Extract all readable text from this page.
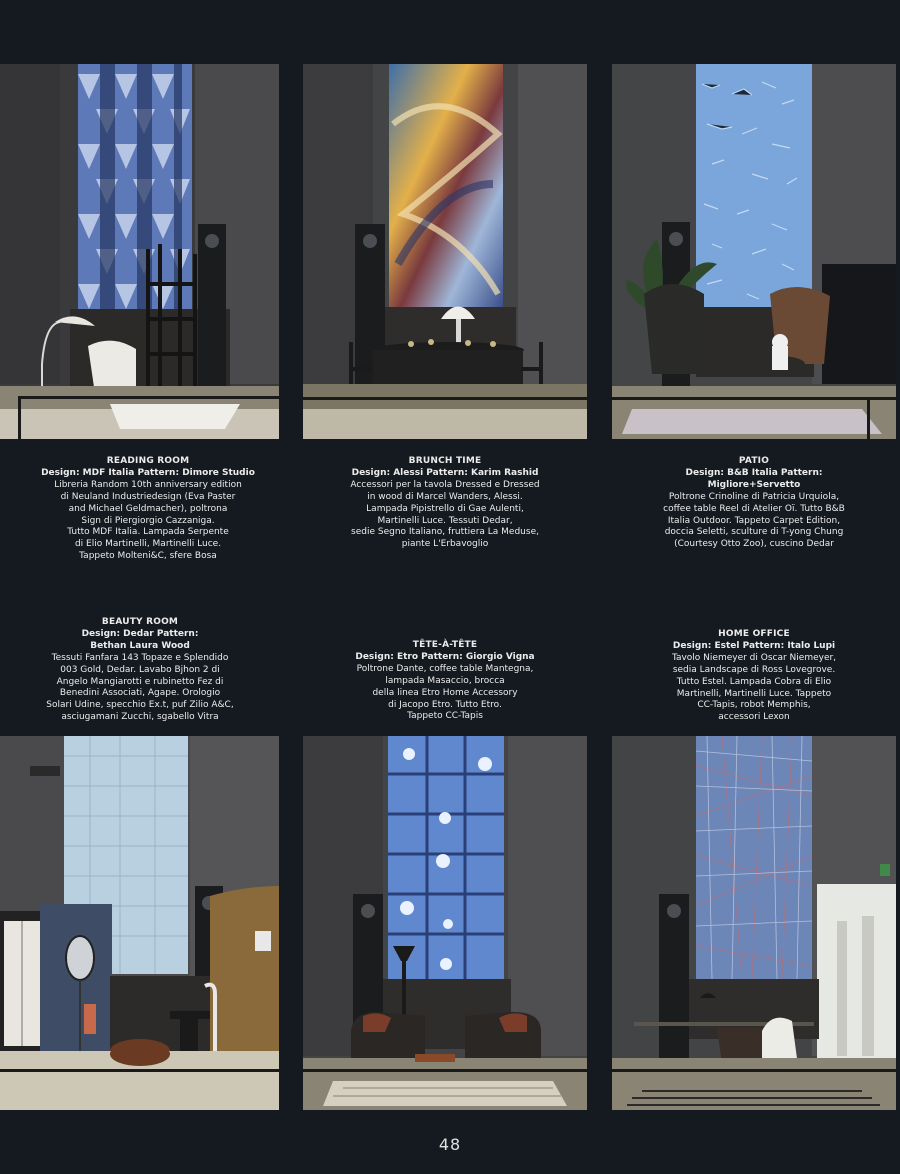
READING ROOM
Design: MDF Italia Pattern: Dimore Studio
Libreria Random 10th anniversary edition
di Neuland Industriedesign (Eva Paster
and Michael Geldmacher), poltrona
Sign di Piergiorgio Cazzaniga.
Tutto MDF Italia. Lampada Serpente
di Elio Martinelli, Martinelli Luce.
Tappeto Molteni&C, sfere Bosa
BRUNCH TIME
Design: Alessi Pattern: Karim Rashid
Accessori per la tavola Dressed e Dressed
in wood di Marcel Wanders, Alessi.
Lampada Pipistrello di Gae Aulenti,
Martinelli Luce. Tessuti Dedar,
sedie Segno Italiano, fruttiera La Meduse,
piante L'Erbavoglio
PATIO
Design: B&B Italia Pattern:
Migliore+Servetto
Poltrone Crinoline di Patricia Urquiola,
coffee table Reel di Atelier Oï. Tutto B&B
Italia Outdoor. Tappeto Carpet Edition,
doccia Seletti, sculture di T-yong Chung
(Courtesy Otto Zoo), cuscino Dedar
BEAUTY ROOM
Design: Dedar Pattern:
Bethan Laura Wood
Tessuti Fanfara 143 Topaze e Splendido
003 Gold, Dedar. Lavabo Bjhon 2 di
Angelo Mangiarotti e rubinetto Fez di
Benedini Associati, Agape. Orologio
Solari Udine, specchio Ex.t, puf Zilio A&C,
asciugamani Zucchi, sgabello Vitra
TÊTE-À-TÊTE
Design: Etro Pattern: Giorgio Vigna
Poltrone Dante, coffee table Mantegna,
lampada Masaccio, brocca
della linea Etro Home Accessory
di Jacopo Etro. Tutto Etro.
Tappeto CC-Tapis
HOME OFFICE
Design: Estel Pattern: Italo Lupi
Tavolo Niemeyer di Oscar Niemeyer,
sedia Landscape di Ross Lovegrove.
Tutto Estel. Lampada Cobra di Elio
Martinelli, Martinelli Luce. Tappeto
CC-Tapis, robot Memphis,
accessori Lexon
48
